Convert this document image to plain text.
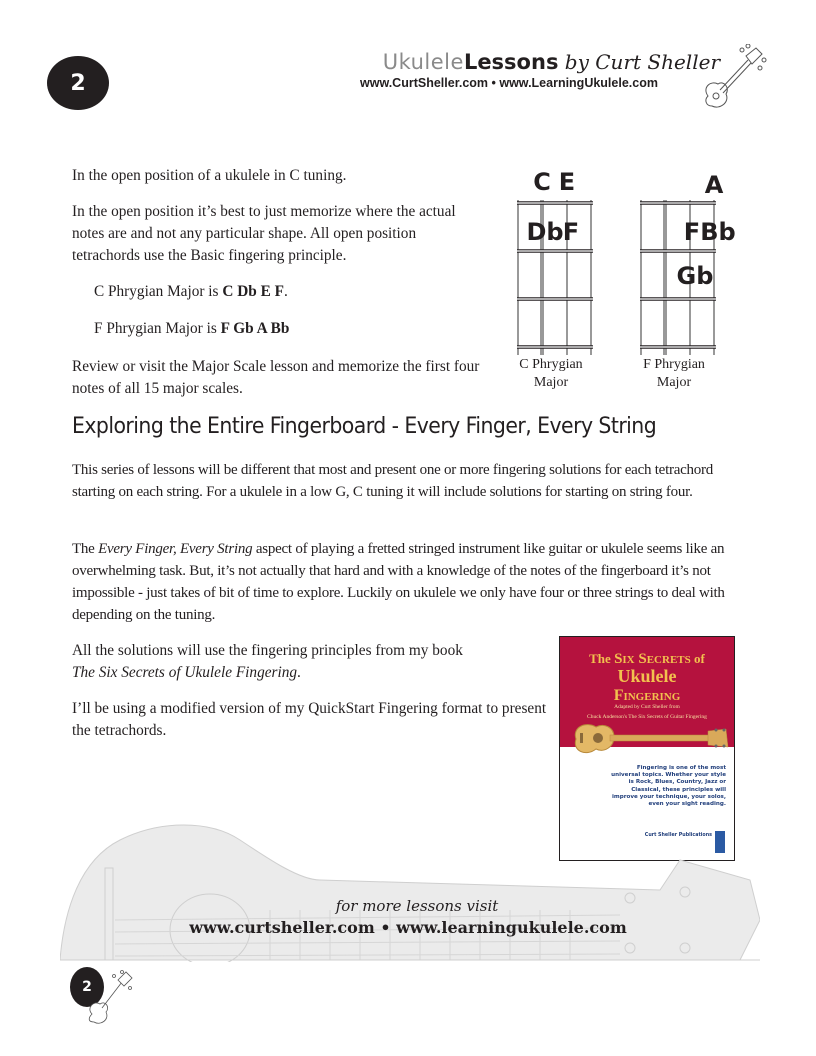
2
UkuleleLessons by Curt Sheller
www.CurtSheller.com • www.LearningUkulele.com
In the open position of a ukulele in C tuning.
In the open position it’s best to just memorize where the actual notes are and not any particular shape. All open position tetrachords use the Basic fingering principle.
C Phrygian Major is C Db E F.
F Phrygian Major is F Gb A Bb
Review or visit the Major Scale lesson and memorize the first four notes of all 15 major scales.
C E
Db F
C Phrygian
Major
A
F Bb
Gb
F Phrygian
Major
Exploring the Entire Fingerboard - Every Finger, Every String
This series of lessons will be different that most and present one or more fingering solutions for each tetrachord starting on each string. For a ukulele in a low G, C tuning it will include solutions for starting on string four.
The Every Finger, Every String aspect of playing a fretted stringed instrument like guitar or ukulele seems like an overwhelming task. But, it’s not actually that hard and with a knowledge of the notes of the fingerboard it’s not impossible - just takes of bit of time to explore. Luckily on ukulele we only have four or three strings to deal with depending on the tuning.
All the solutions will use the fingering principles from my book
The Six Secrets of Ukulele Fingering.
I’ll be using a modified version of my QuickStart Fingering format to present the tetrachords.
The Six Secrets of
Ukulele
Fingering
Adapted by Curt Sheller from
Chuck Anderson's The Six Secrets of Guitar Fingering
Fingering is one of the most universal topics. Whether your style is Rock, Blues, Country, Jazz or Classical, these principles will improve your technique, your solos, even your sight reading.
Curt Sheller Publications
for more lessons visit
www.curtsheller.com • www.learningukulele.com
2
